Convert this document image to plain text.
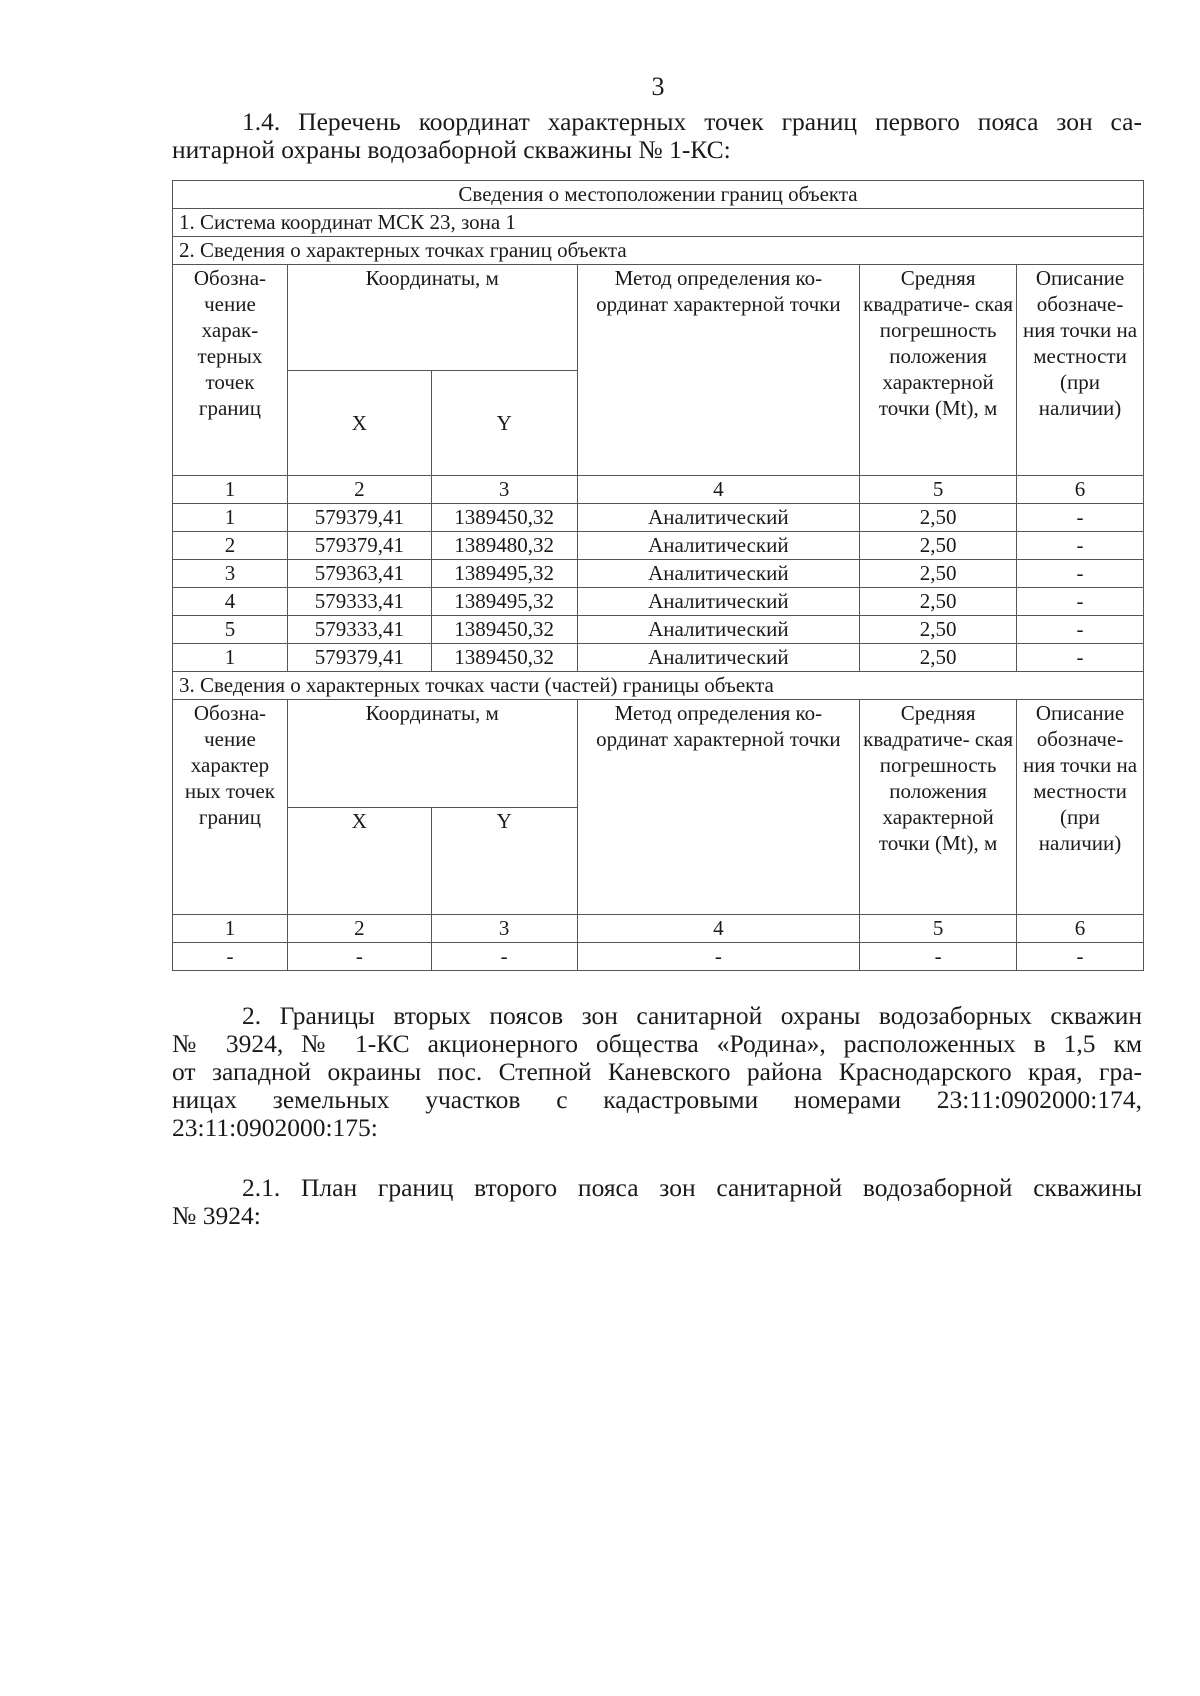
3

1.4. Перечень координат характерных точек границ первого пояса зон са-
нитарной охраны водозаборной скважины № 1-КС:

Сведения о местоположении границ объекта					
1. Система координат МСК 23, зона 1					
2. Сведения о характерных точках границ объекта					
Обозна- чение харак- терных точек границ	Координаты, м		Метод определения ко- ординат характерной точки	Средняя квадратиче- ская погрешность положения характерной точки (Mt), м	Описание обозначе- ния точки на местности (при наличии)
	X	Y			
1	2	3	4	5	6
1	579379,41	1389450,32	Аналитический	2,50	-
2	579379,41	1389480,32	Аналитический	2,50	-
3	579363,41	1389495,32	Аналитический	2,50	-
4	579333,41	1389495,32	Аналитический	2,50	-
5	579333,41	1389450,32	Аналитический	2,50	-
1	579379,41	1389450,32	Аналитический	2,50	-
3. Сведения о характерных точках части (частей) границы объекта					
Обозна- чение характер ных точек границ	Координаты, м		Метод определения ко- ординат характерной точки	Средняя квадратиче- ская погрешность положения характерной точки (Mt), м	Описание обозначе- ния точки на местности (при наличии)
	X	Y			
1	2	3	4	5	6
-	-	-	-	-	-

2. Границы вторых поясов зон санитарной охраны водозаборных скважин
№ 3924, № 1-КС акционерного общества «Родина», расположенных в 1,5 км
от западной окраины пос. Степной Каневского района Краснодарского края, гра-
ницах земельных участков с кадастровыми номерами 23:11:0902000:174,
23:11:0902000:175:

2.1. План границ второго пояса зон санитарной водозаборной скважины
№ 3924:
